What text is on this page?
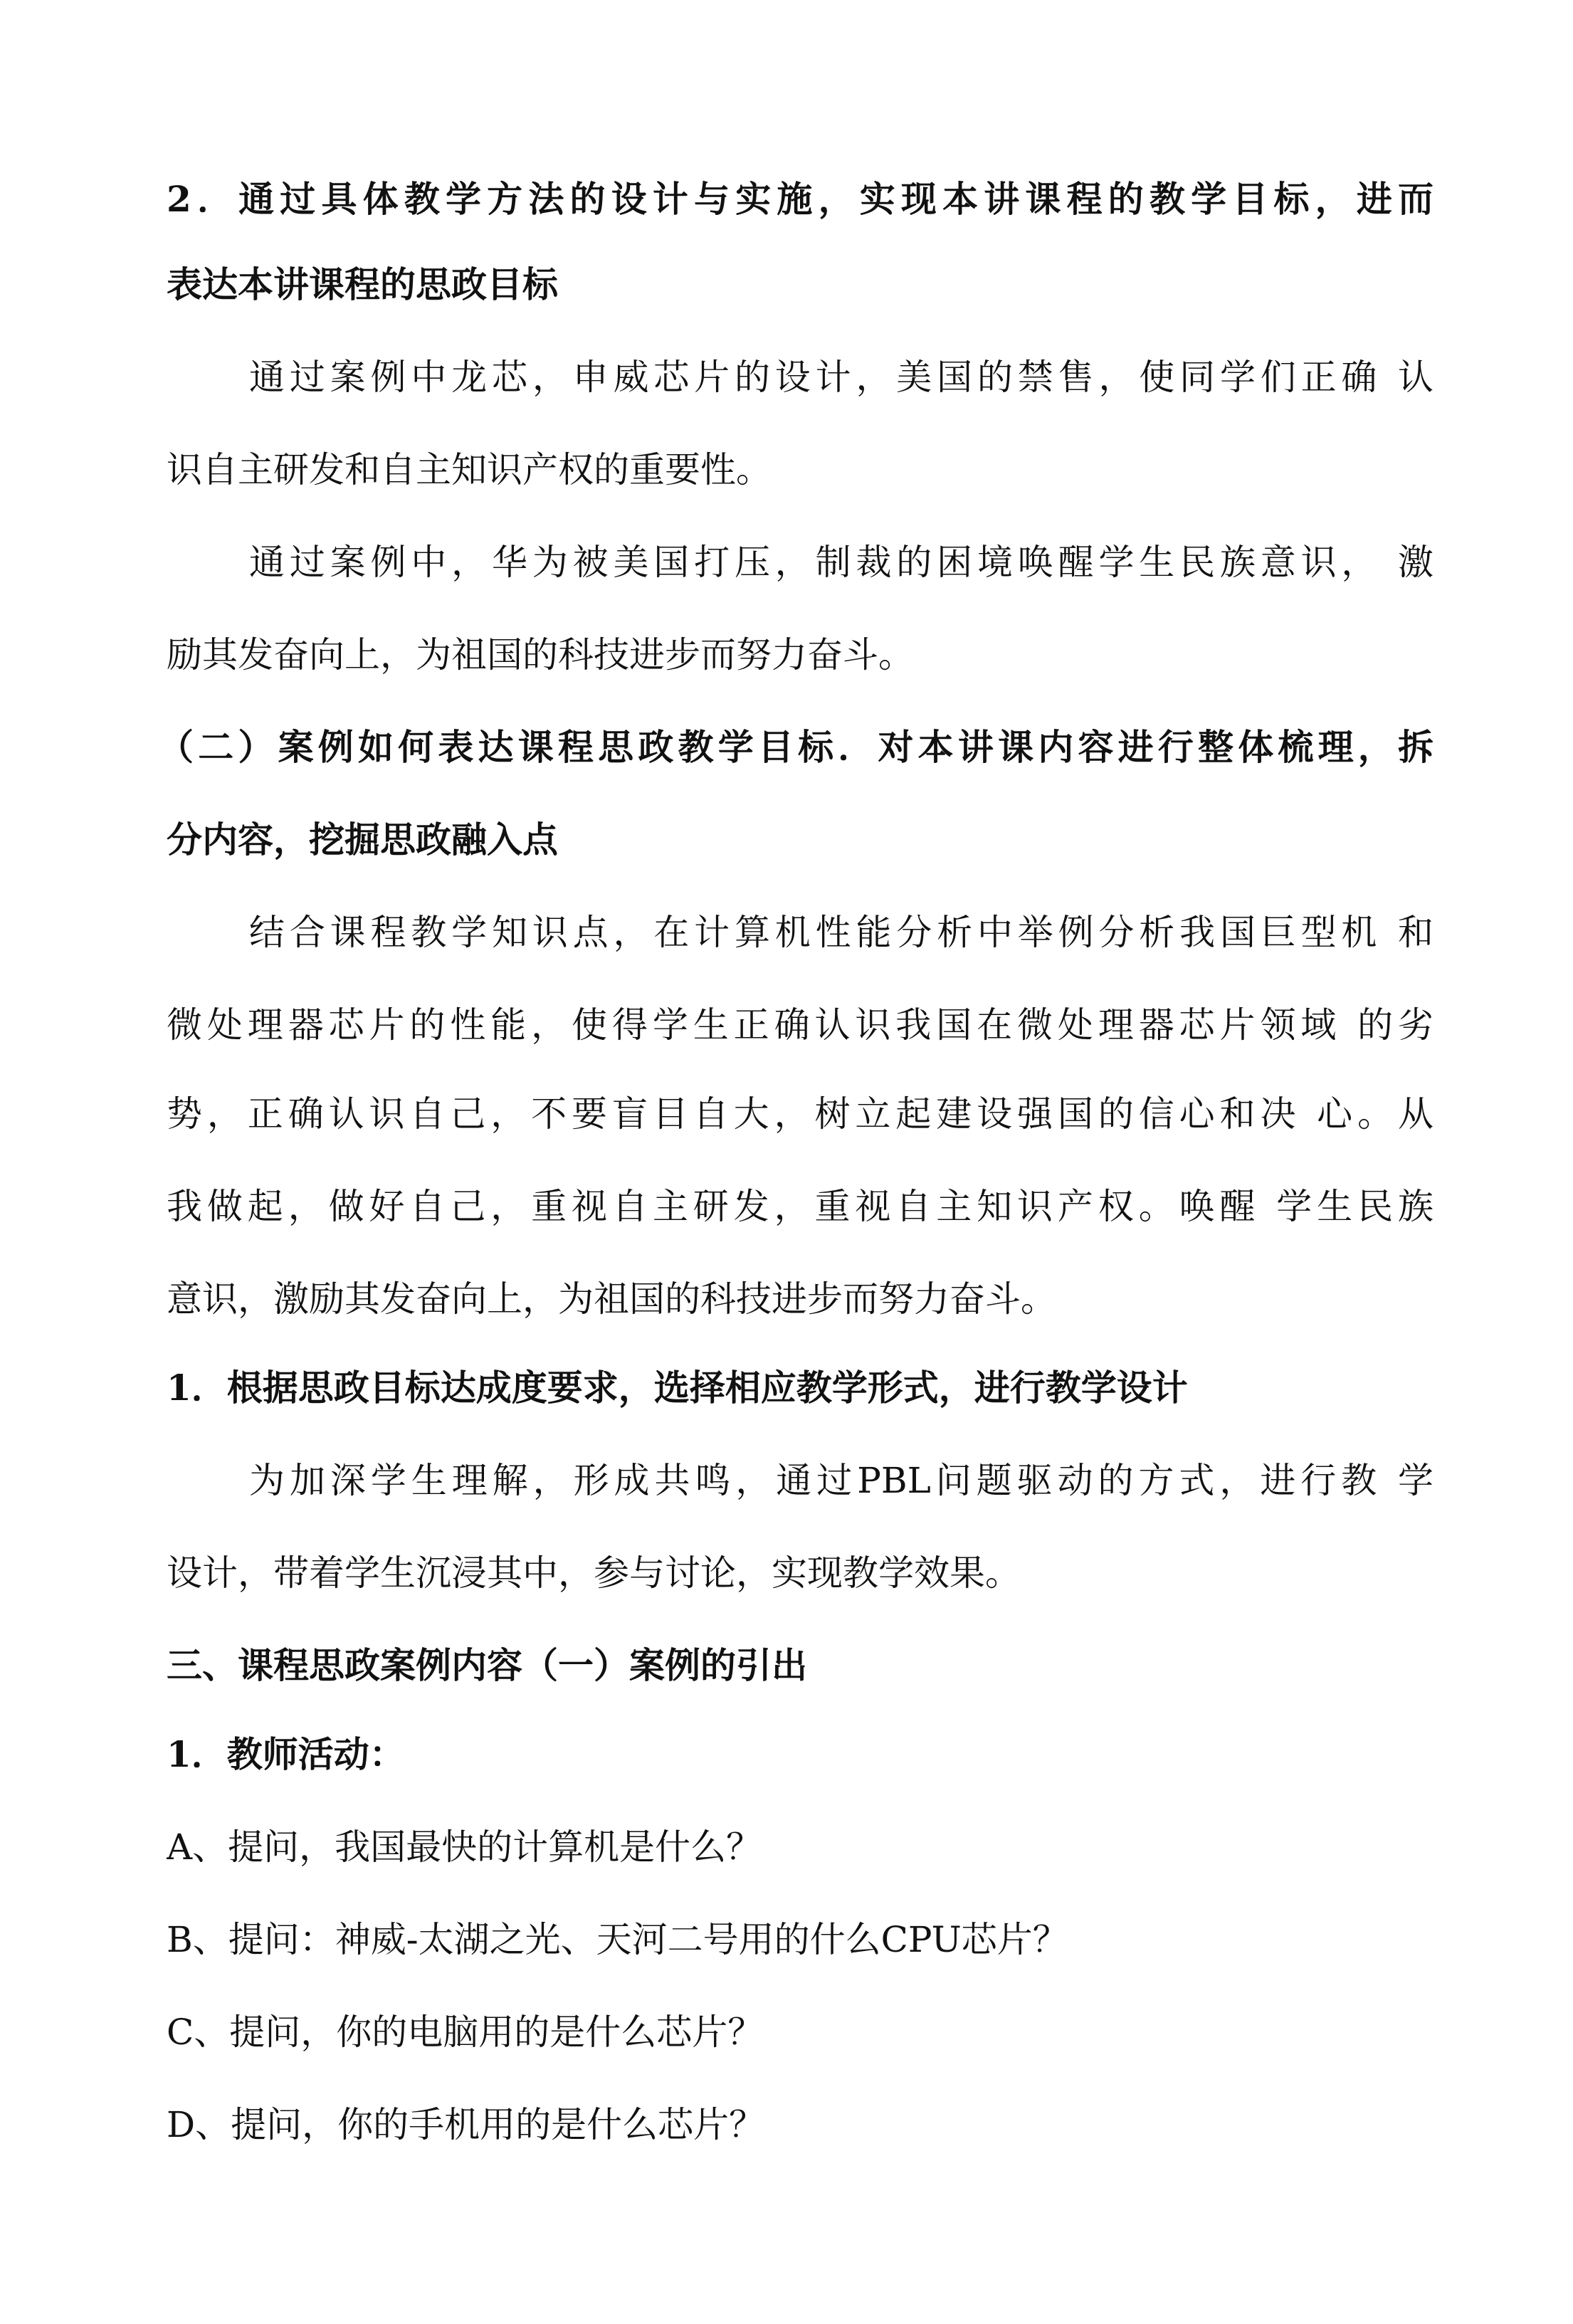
2．通过具体教学方法的设计与实施，实现本讲课程的教学目标，进而
表达本讲课程的思政目标
通过案例中龙芯，申威芯片的设计，美国的禁售，使同学们正确 认
识自主研发和自主知识产权的重要性。
通过案例中，华为被美国打压，制裁的困境唤醒学生民族意识， 激
励其发奋向上，为祖国的科技进步而努力奋斗。
（二）案例如何表达课程思政教学目标．对本讲课内容进行整体梳理，拆
分内容，挖掘思政融入点
结合课程教学知识点，在计算机性能分析中举例分析我国巨型机 和
微处理器芯片的性能，使得学生正确认识我国在微处理器芯片领域 的劣
势，正确认识自己，不要盲目自大，树立起建设强国的信心和决 心。从
我做起，做好自己，重视自主研发，重视自主知识产权。唤醒 学生民族
意识，激励其发奋向上，为祖国的科技进步而努力奋斗。
1．根据思政目标达成度要求，选择相应教学形式，进行教学设计
为加深学生理解，形成共鸣，通过PBL问题驱动的方式，进行教 学
设计，带着学生沉浸其中，参与讨论，实现教学效果。
三、课程思政案例内容（一）案例的引出
1．教师活动：
A、提问，我国最快的计算机是什么？
B、提问：神威-太湖之光、天河二号用的什么CPU芯片？
C、提问，你的电脑用的是什么芯片？
D、提问，你的手机用的是什么芯片？
